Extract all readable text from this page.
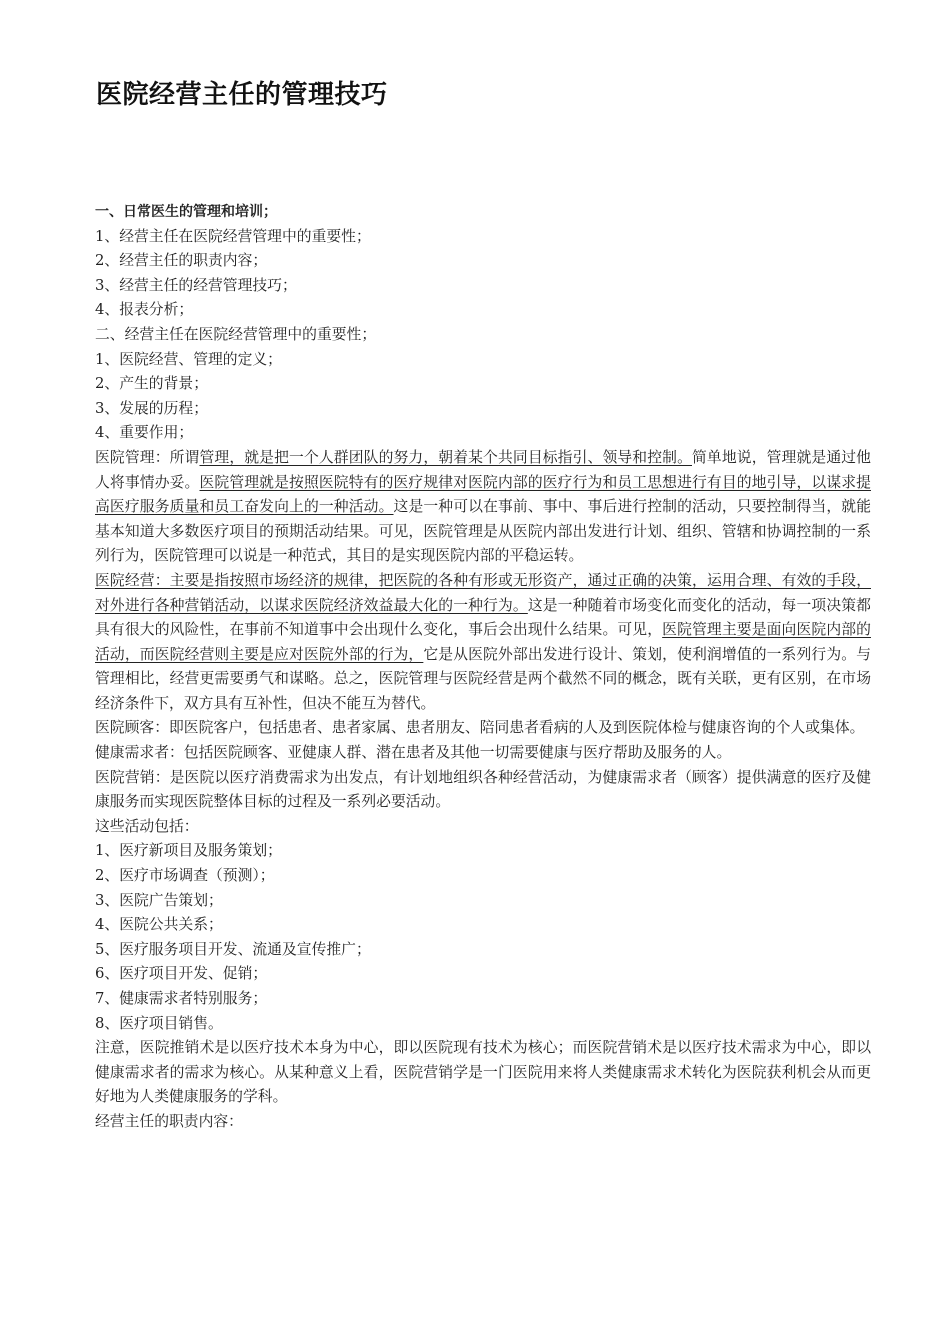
医院经营主任的管理技巧

一、日常医生的管理和培训；

1、经营主任在医院经营管理中的重要性；

2、经营主任的职责内容；

3、经营主任的经营管理技巧；

4、报表分析；

二、经营主任在医院经营管理中的重要性；

1、医院经营、管理的定义；

2、产生的背景；

3、发展的历程；

4、重要作用；

医院管理：所谓管理，就是把一个人群团队的努力，朝着某个共同目标指引、领导和控制。简单地说，管理就是通过他人将事情办妥。医院管理就是按照医院特有的医疗规律对医院内部的医疗行为和员工思想进行有目的地引导，以谋求提高医疗服务质量和员工奋发向上的一种活动。这是一种可以在事前、事中、事后进行控制的活动，只要控制得当，就能基本知道大多数医疗项目的预期活动结果。可见，医院管理是从医院内部出发进行计划、组织、管辖和协调控制的一系列行为，医院管理可以说是一种范式，其目的是实现医院内部的平稳运转。

医院经营：主要是指按照市场经济的规律，把医院的各种有形或无形资产，通过正确的决策，运用合理、有效的手段，对外进行各种营销活动，以谋求医院经济效益最大化的一种行为。这是一种随着市场变化而变化的活动，每一项决策都具有很大的风险性，在事前不知道事中会出现什么变化，事后会出现什么结果。可见，医院管理主要是面向医院内部的活动，而医院经营则主要是应对医院外部的行为，它是从医院外部出发进行设计、策划，使利润增值的一系列行为。与管理相比，经营更需要勇气和谋略。总之，医院管理与医院经营是两个截然不同的概念，既有关联，更有区别，在市场经济条件下，双方具有互补性，但决不能互为替代。

医院顾客：即医院客户，包括患者、患者家属、患者朋友、陪同患者看病的人及到医院体检与健康咨询的个人或集体。

健康需求者：包括医院顾客、亚健康人群、潜在患者及其他一切需要健康与医疗帮助及服务的人。

医院营销：是医院以医疗消费需求为出发点，有计划地组织各种经营活动，为健康需求者（顾客）提供满意的医疗及健康服务而实现医院整体目标的过程及一系列必要活动。

这些活动包括：

1、医疗新项目及服务策划；

2、医疗市场调查（预测）；

3、医院广告策划；

4、医院公共关系；

5、医疗服务项目开发、流通及宣传推广；

6、医疗项目开发、促销；

7、健康需求者特别服务；

8、医疗项目销售。

注意，医院推销术是以医疗技术本身为中心，即以医院现有技术为核心；而医院营销术是以医疗技术需求为中心，即以健康需求者的需求为核心。从某种意义上看，医院营销学是一门医院用来将人类健康需求术转化为医院获利机会从而更好地为人类健康服务的学科。

经营主任的职责内容：
